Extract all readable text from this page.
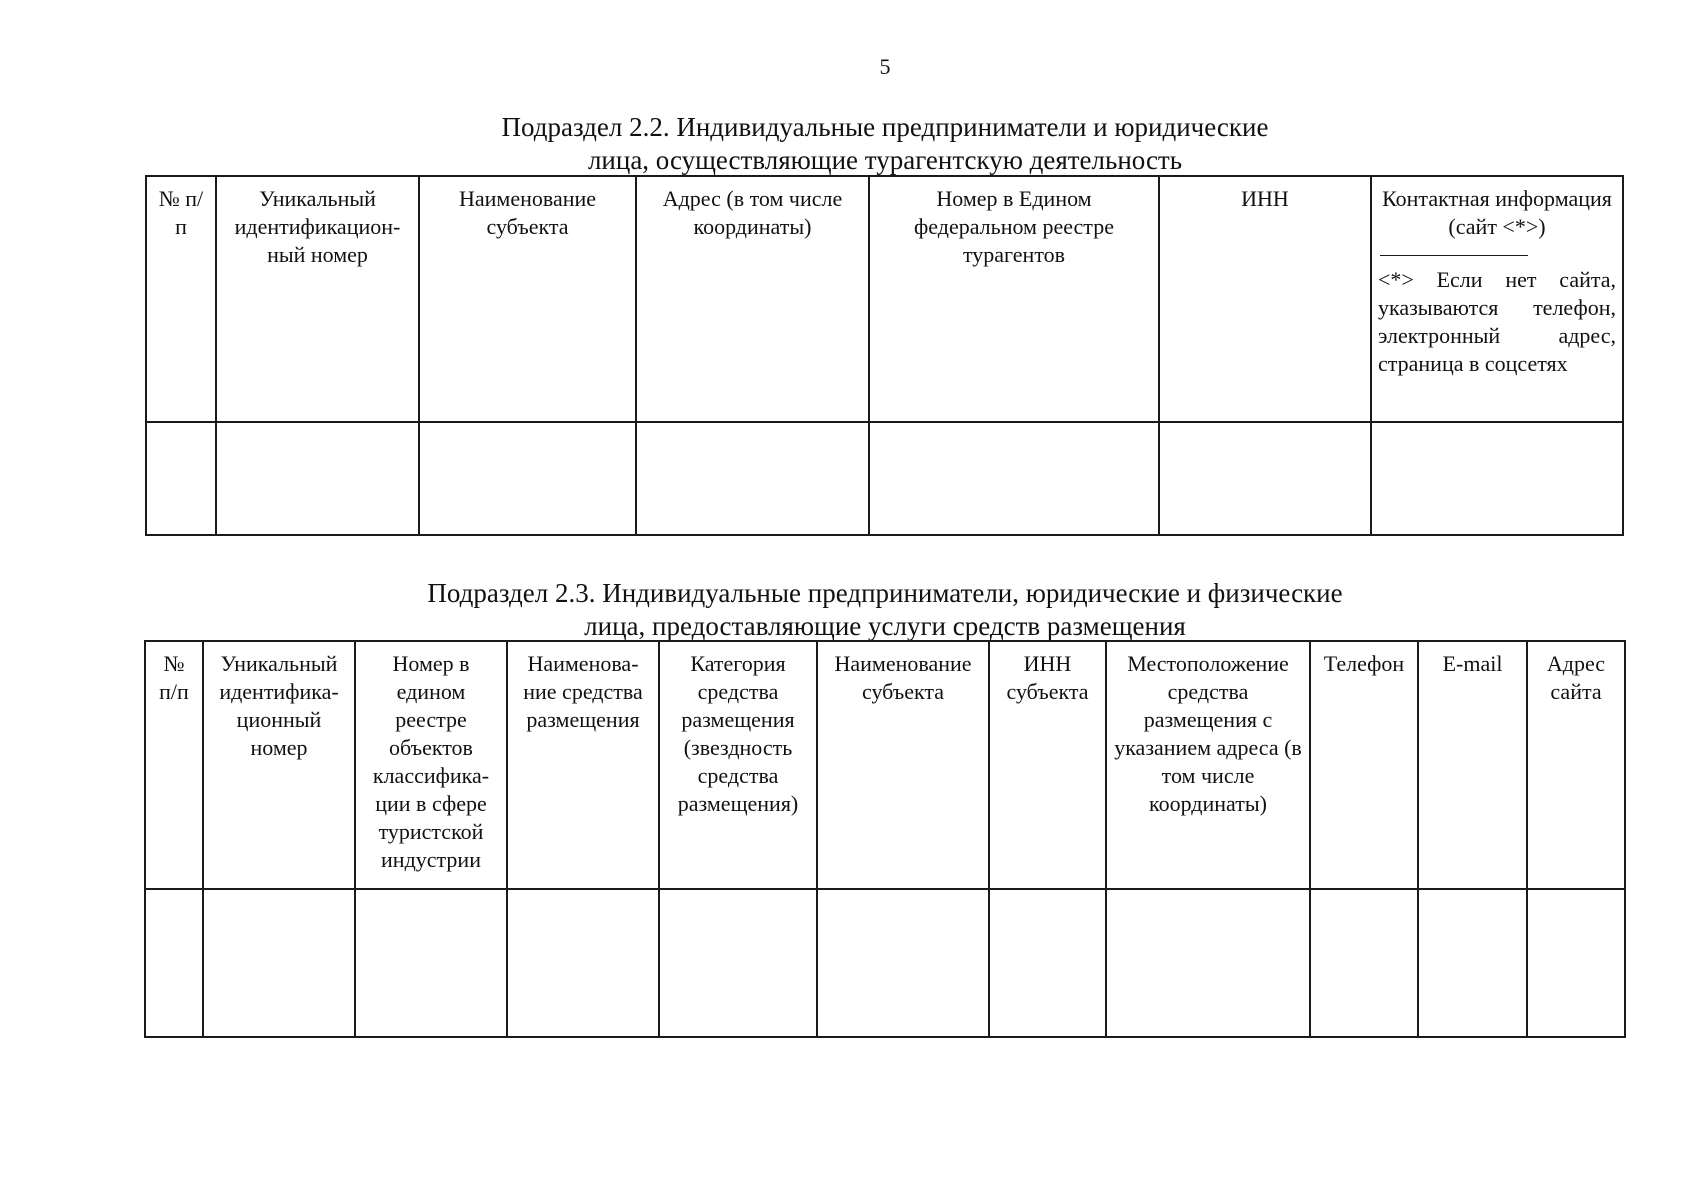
5
Подраздел 2.2. Индивидуальные предприниматели и юридические
лица, осуществляющие турагентскую деятельность
№ п/п	Уникальный идентификацион-ный номер	Наименование субъекта	Адрес (в том числе координаты)	Номер в Едином федеральном реестре турагентов	ИНН	Контактная информация (сайт <*>)
<*> Если нет сайта, указываются телефон, электронный адрес, страница в соцсетях

Подраздел 2.3. Индивидуальные предприниматели, юридические и физические
лица, предоставляющие услуги средств размещения
№ п/п	Уникальный идентифика-ционный номер	Номер в едином реестре объектов классифика-ции в сфере туристской индустрии	Наименова-ние средства размещения	Категория средства размещения (звездность средства размещения)	Наименование субъекта	ИНН субъекта	Местоположение средства размещения с указанием адреса (в том числе координаты)	Телефон	E-mail	Адрес сайта
